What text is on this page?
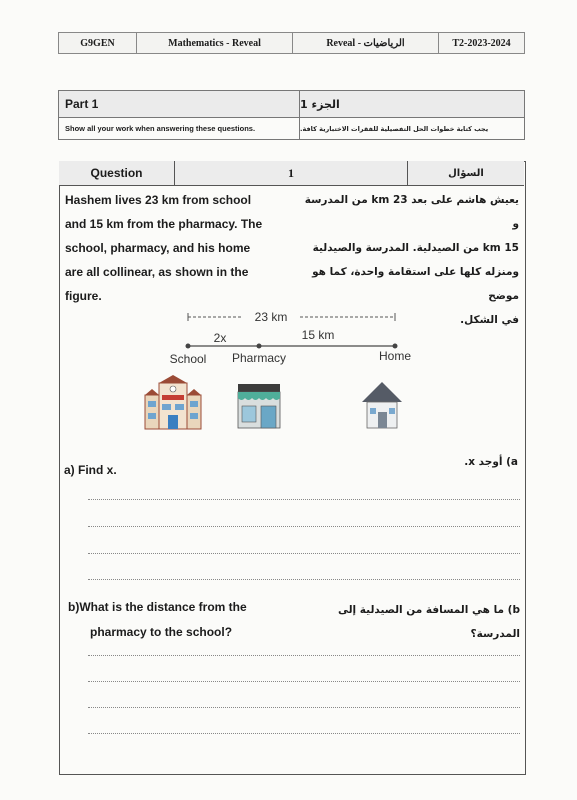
G9GEN	Mathematics - Reveal	Reveal - الرياضيات	T2-2023-2024
Part 1	الجزء 1
Show all your work when answering these questions.	يجب كتابة خطوات الحل التفصيلية للفقرات الاختبارية كافة.
Question	1	السؤال
Hashem lives 23 km from school
and 15 km from the pharmacy. The
school, pharmacy, and his home
are all collinear, as shown in the
figure.
يعيش هاشم على بعد 23 km من المدرسة و
15 km من الصيدلية. المدرسة والصيدلية
ومنزله كلها على استقامة واحدة، كما هو موضح
في الشكل.
23 km
2x	15 km
School Pharmacy	Home
a) Find x.
a) أوجد x.
b)What is the distance from the
pharmacy to the school?
b) ما هي المسافة من الصيدلية إلى المدرسة؟
